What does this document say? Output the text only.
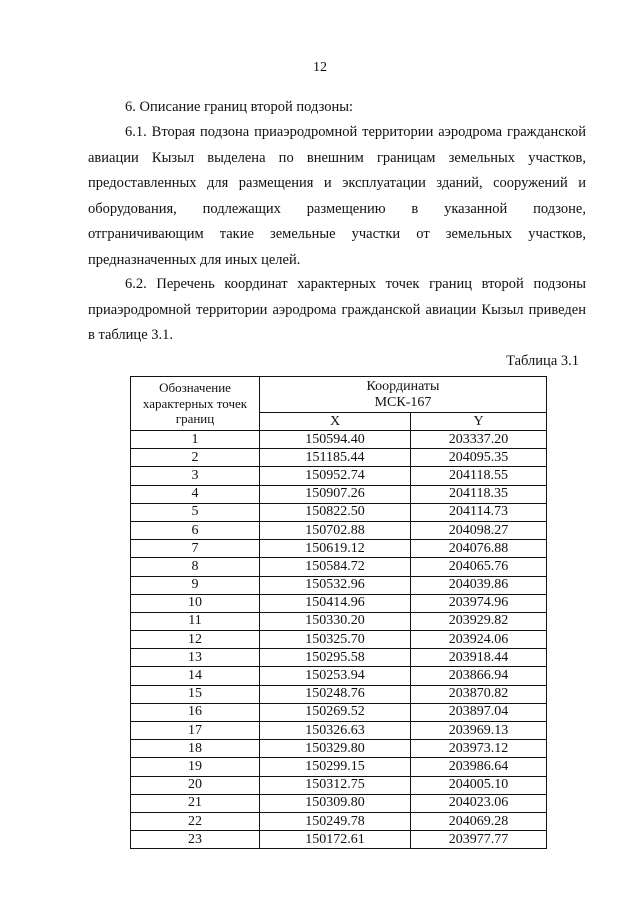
12
6. Описание границ второй подзоны:
6.1. Вторая подзона приаэродромной территории аэродрома гражданской авиации Кызыл выделена по внешним границам земельных участков, предоставленных для размещения и эксплуатации зданий, сооружений и оборудования, подлежащих размещению в указанной подзоне, отграничивающим такие земельные участки от земельных участков, предназначенных для иных целей.
6.2. Перечень координат характерных точек границ второй подзоны приаэродромной территории аэродрома гражданской авиации Кызыл приведен в таблице 3.1.
Таблица 3.1
Обозначение характерных точек границ	Координаты
МСК-167	

	X	Y
1	150594.40	203337.20
2	151185.44	204095.35
3	150952.74	204118.55
4	150907.26	204118.35
5	150822.50	204114.73
6	150702.88	204098.27
7	150619.12	204076.88
8	150584.72	204065.76
9	150532.96	204039.86
10	150414.96	203974.96
11	150330.20	203929.82
12	150325.70	203924.06
13	150295.58	203918.44
14	150253.94	203866.94
15	150248.76	203870.82
16	150269.52	203897.04
17	150326.63	203969.13
18	150329.80	203973.12
19	150299.15	203986.64
20	150312.75	204005.10
21	150309.80	204023.06
22	150249.78	204069.28
23	150172.61	203977.77
